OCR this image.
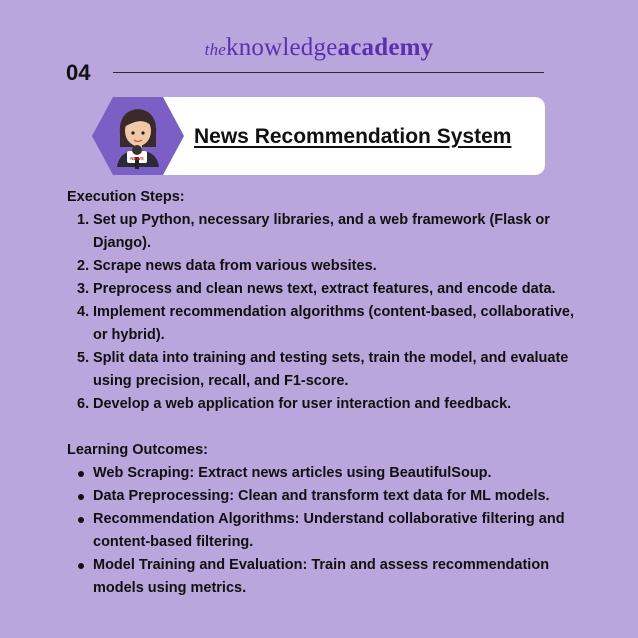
theknowledgeacademy
04
NEWS
News Recommendation System
Execution Steps:
1. Set up Python, necessary libraries, and a web framework (Flask or Django).
2. Scrape news data from various websites.
3. Preprocess and clean news text, extract features, and encode data.
4. Implement recommendation algorithms (content-based, collaborative, or hybrid).
5. Split data into training and testing sets, train the model, and evaluate using precision, recall, and F1-score.
6. Develop a web application for user interaction and feedback.
Learning Outcomes:
Web Scraping: Extract news articles using BeautifulSoup.
Data Preprocessing: Clean and transform text data for ML models.
Recommendation Algorithms: Understand collaborative filtering and content-based filtering.
Model Training and Evaluation: Train and assess recommendation models using metrics.
